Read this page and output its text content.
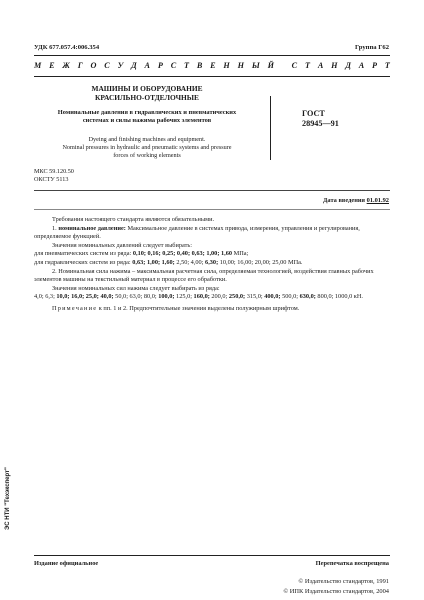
УДК 677.057.4:006.354	Группа Г62
М Е Ж Г О С У Д А Р С Т В Е Н Н Ы Й
С Т А Н Д А Р Т
МАШИНЫ И ОБОРУДОВАНИЕ
КРАСИЛЬНО-ОТДЕЛОЧНЫЕ
Номинальные давления в гидравлических и пневматических
системах и силы нажима рабочих элементов
Dyeing and finishing machines and equipment.
Nominal pressures in hydraulic and pneumatic systems and pressure
forces of working elements
ГОСТ
28945—91
МКС 59.120.50
ОКСТУ 5113
Дата введения 01.01.92

Требования настоящего стандарта являются обязательными.

1. номинальное давление: Максимальное давление в системах привода, измерения, управления и регулирования, определяемое функцией.

Значения номинальных давлений следует выбирать:

для пневматических систем из ряда: 0,10; 0,16; 0,25; 0,40; 0,63; 1,00; 1,60 МПа;

для гидравлических систем из ряда: 0,63; 1,00; 1,60; 2,50; 4,00; 6,30; 10,00; 16,00; 20,00; 25,00 МПа.

2. Номинальная сила нажима – максимальная расчетная сила, определяемая технологией, воздействия главных рабочих элементов машины на текстильный материал в процессе его обработки.

Значения номинальных сил нажима следует выбирать из ряда:

4,0; 6,3; 10,0; 16,0; 25,0; 40,0; 50,0; 63,0; 80,0; 100,0; 125,0; 160,0; 200,0; 250,0; 315,0; 400,0; 500,0; 630,0; 800,0; 1000,0 кН.

Примечание к пп. 1 и 2. Предпочтительные значения выделены полужирным шрифтом.

Издание официальное	Перепечатка воспрещена
© Издательство стандартов, 1991
© ИПК Издательство стандартов, 2004
ЭС НТИ "Техэксперт"
